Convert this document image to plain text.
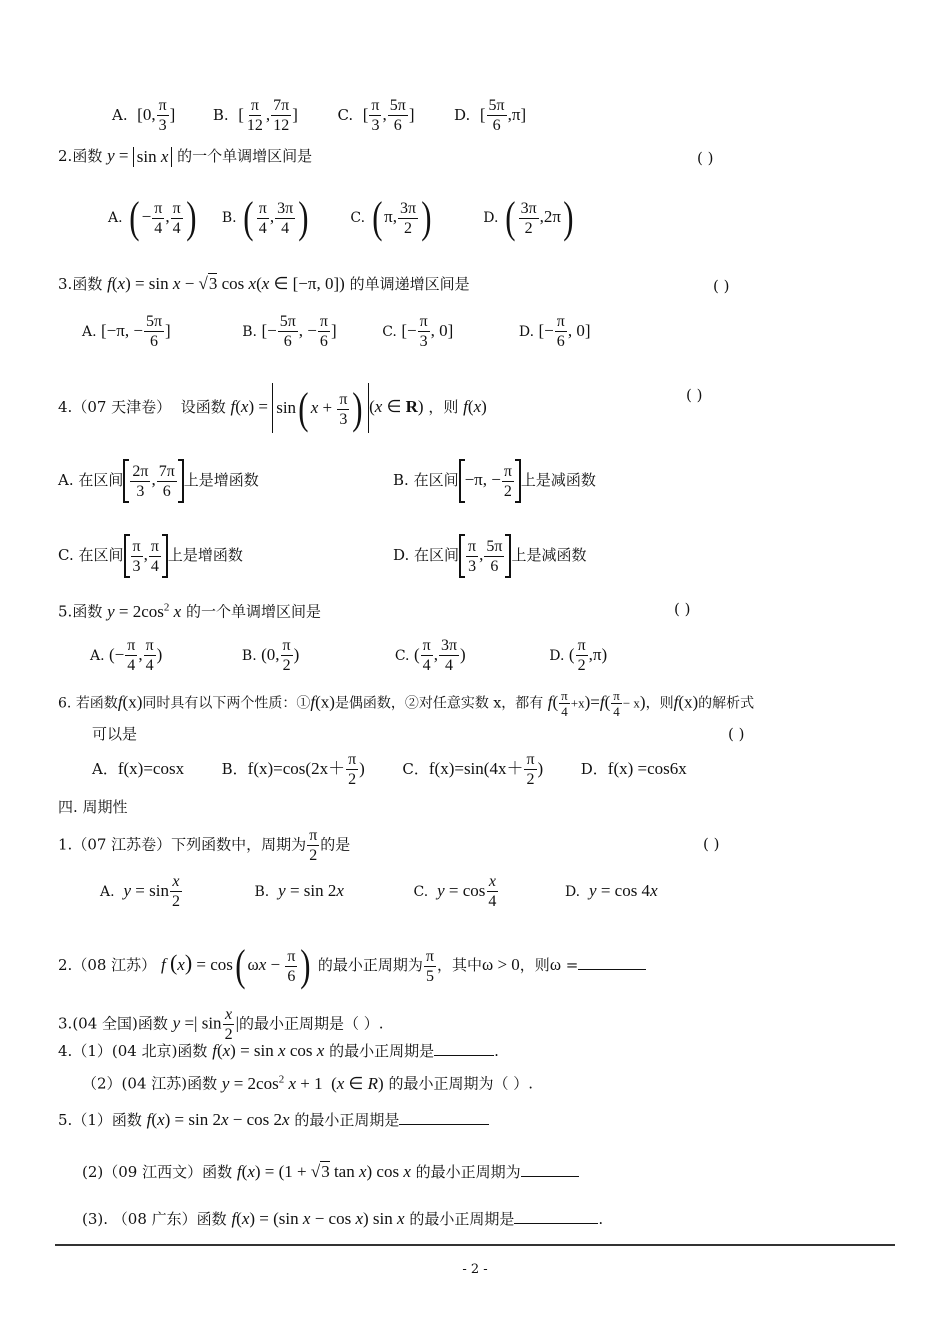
A. [0, $\frac{\pi}{3}$ ]	B. [ $\frac{\pi}{12}$ , $\frac{7\pi}{12}$ ]	C. [ $\frac{\pi}{3}$ , $\frac{5\pi}{6}$ ]	D. [ $\frac{5\pi}{6} ,\pi$]
2.函数 y = sin x 的一个单调增区间是	( )
A. ( − $\frac{\pi}{4}$ , $\frac{\pi}{4}$ ) B. ( $\frac{\pi}{4}$ , $\frac{3\pi}{4}$ )	C. ( π, $\frac{3\pi}{2}$ )	D. ( $\frac{3\pi}{2} ,2\pi$)
3.函数 f(x) = sin x − √3 cos x(x ∈ [−π, 0]) 的单调递增区间是	( )
A. [−π, − $\frac{5\pi}{6}$ ]	B. [− $\frac{5\pi}{6}$ , − $\frac{\pi}{6}$ ]	C. [− $\frac{\pi}{3}$ , 0]	D. [− $\frac{\pi}{6}$ , 0]
4.（07 天津卷） 设函数 f(x) = sin( $x + \frac{\pi}{3}$ ) (x ∈ R) ，则 f(x)
( )
A. 在区间 $\frac{2\pi}{3}$ , $\frac{7\pi}{6}$ 上是增函数	B. 在区间 −π, − $\frac{\pi}{2}$ 上是减函数
C. 在区间 $\frac{\pi}{3}$ , $\frac{\pi}{4}$ 上是增函数	D. 在区间 $\frac{\pi}{3}$ , $\frac{5\pi}{6}$ 上是减函数
5.函数 $y = 2\cos^2$ x 的一个单调增区间是	( )
A. (− $\frac{\pi}{4}$ , $\frac{\pi}{4}$ )	B. (0, $\frac{\pi}{2}$ )	C. ( $\frac{\pi}{4}$ , $\frac{3\pi}{4}$ )	D. ( $\frac{\pi}{2} ,\pi$)
6. 若函数f(x)同时具有以下两个性质：①f(x)是偶函数，②对任意实数 x，都有 $f( \frac{\pi}{4} +x)=f( \frac{\pi}{4} - x)$，则f(x)的解析式
可以是	( )
A．f(x)=cosx	B．$f(x)=\cos(2x+ \frac{\pi}{2}$ )	C．$f(x)=\sin(4x+ \frac{\pi}{2}$ )	D．f(x) =cos6x
四. 周期性
1.（07 江苏卷）下列函数中，周期为 $\frac{\pi}{2}$ 的是	( )
A.  $y = \sin \frac{x}{2}$	B.  y = sin 2x	C.  $y = \cos \frac{x}{4}$	D.  y = cos 4x
2.（08 江苏） f (x) = cos( $\omega x - \frac{\pi}{6}$ ) 的最小正周期为 $\frac{\pi}{5}$ ，其中ω > 0，则ω =
3.(04 全国)函数 y =| $\sin \frac{x}{2}$ |的最小正周期是（ ）.
4.（1）(04 北京)函数 f(x) = sin x cos x 的最小正周期是	.
（2）(04 江苏)函数 $y = 2\cos^2$ x + 1  (x ∈ R) 的最小正周期为（ ）.
5.（1）函数 f(x) = sin 2x − cos 2x 的最小正周期是
(2)（09 江西文）函数 f(x) = (1 + √3 tan x) cos x 的最小正周期为
(3). （08 广东）函数 f(x) = (sin x − cos x) sin x 的最小正周期是	.
- 2 -
